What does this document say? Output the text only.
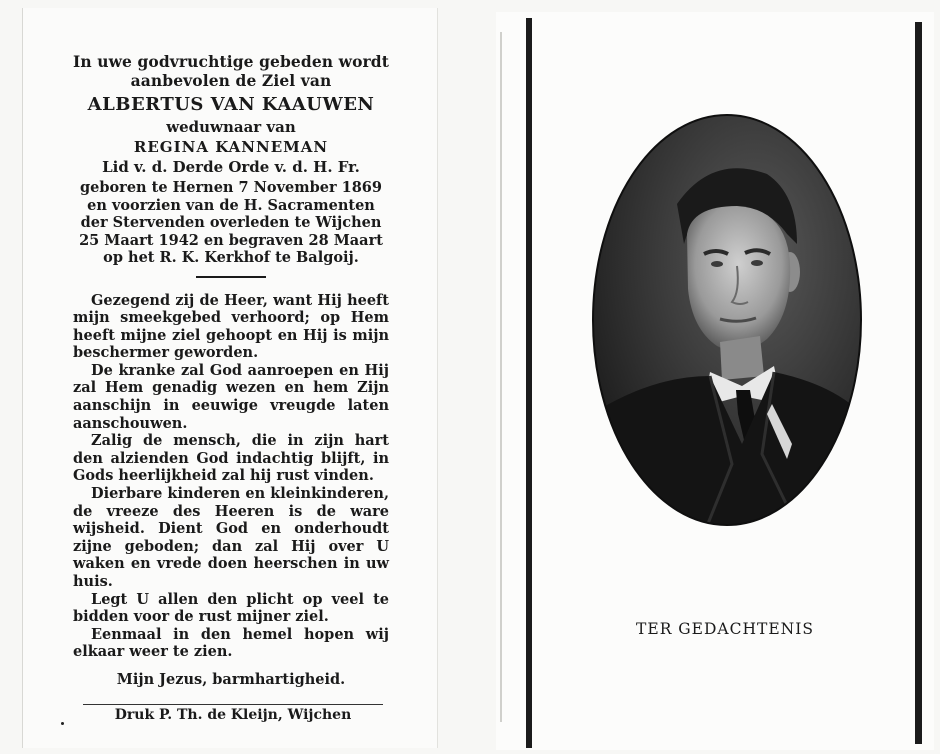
In uwe godvruchtige gebeden wordt
aanbevolen de Ziel van
ALBERTUS VAN KAAUWEN
weduwnaar van
REGINA KANNEMAN
Lid v. d. Derde Orde v. d. H. Fr.
geboren te Hernen 7 November 1869
en voorzien van de H. Sacramenten
der Stervenden overleden te Wijchen
25 Maart 1942 en begraven 28 Maart
op het R. K. Kerkhof te Balgoij.

Gezegend zij de Heer, want Hij heeft mijn smeekgebed verhoord; op Hem heeft mijne ziel gehoopt en Hij is mijn beschermer geworden.

De kranke zal God aanroepen en Hij zal Hem genadig wezen en hem Zijn aanschijn in eeuwige vreugde laten aanschouwen.

Zalig de mensch, die in zijn hart den alzienden God indachtig blijft, in Gods heerlijkheid zal hij rust vinden.

Dierbare kinderen en kleinkinderen, de vreeze des Heeren is de ware wijsheid. Dient God en onderhoudt zijne geboden; dan zal Hij over U waken en vrede doen heerschen in uw huis.

Legt U allen den plicht op veel te bidden voor de rust mijner ziel.

Eenmaal in den hemel hopen wij elkaar weer te zien.

Mijn Jezus, barmhartigheid.
Druk P. Th. de Kleijn, Wijchen
TER GEDACHTENIS
